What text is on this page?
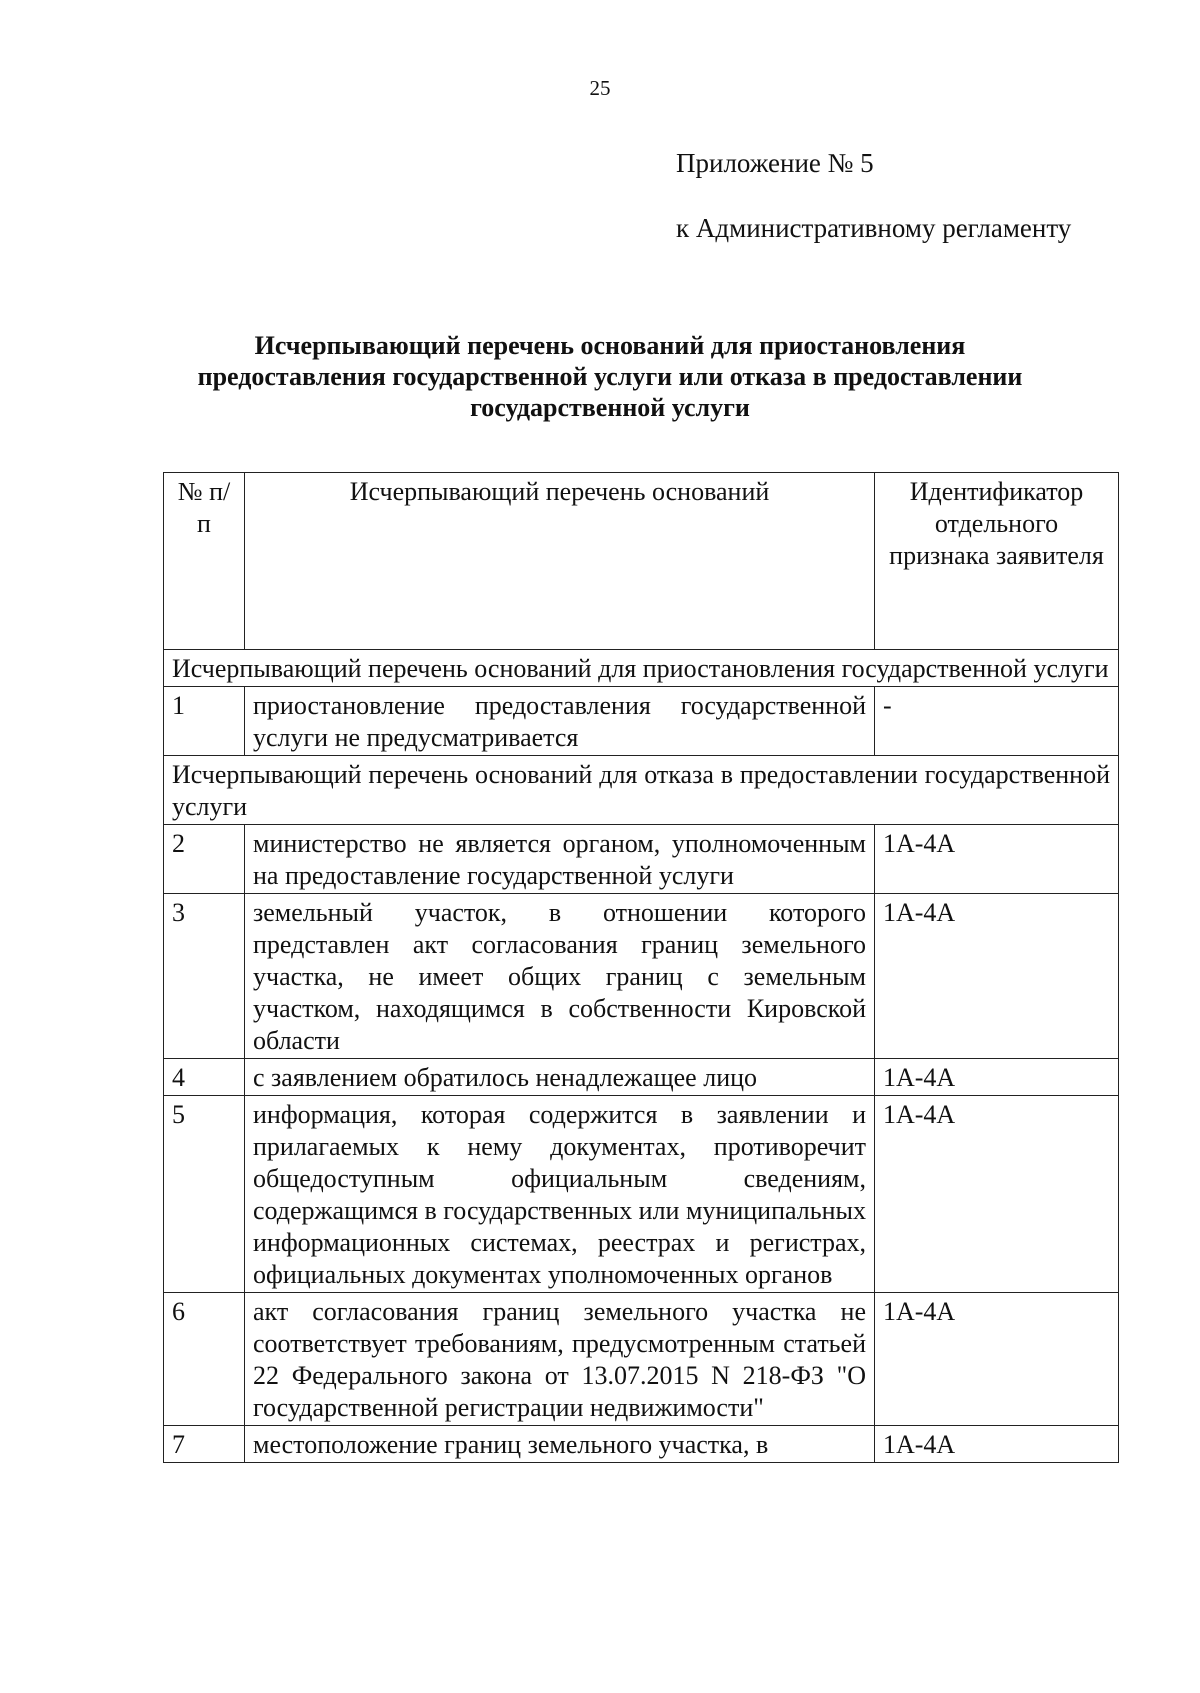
25
Приложение № 5
к Административному регламенту
Исчерпывающий перечень оснований для приостановления
предоставления государственной услуги или отказа в предоставлении
государственной услуги
№ п/п	Исчерпывающий перечень оснований	Идентификатор отдельного признака заявителя
Исчерпывающий перечень оснований для приостановления государственной услуги		
1	приостановление предоставления государственной услуги не предусматривается	-
Исчерпывающий перечень оснований для отказа в предоставлении государственной услуги		
2	министерство не является органом, уполномоченным на предоставление государственной услуги	1А-4А
3	земельный участок, в отношении которого представлен акт согласования границ земельного участка, не имеет общих границ с земельным участком, находящимся в собственности Кировской области	1А-4А
4	с заявлением обратилось ненадлежащее лицо	1А-4А
5	информация, которая содержится в заявлении и прилагаемых к нему документах, противоречит общедоступным официальным сведениям, содержащимся в государственных или муниципальных информационных системах, реестрах и регистрах, официальных документах уполномоченных органов	1А-4А
6	акт согласования границ земельного участка не соответствует требованиям, предусмотренным статьей 22 Федерального закона от 13.07.2015 N 218-ФЗ "О государственной регистрации недвижимости"	1А-4А
7	местоположение границ земельного участка, в	1А-4А
